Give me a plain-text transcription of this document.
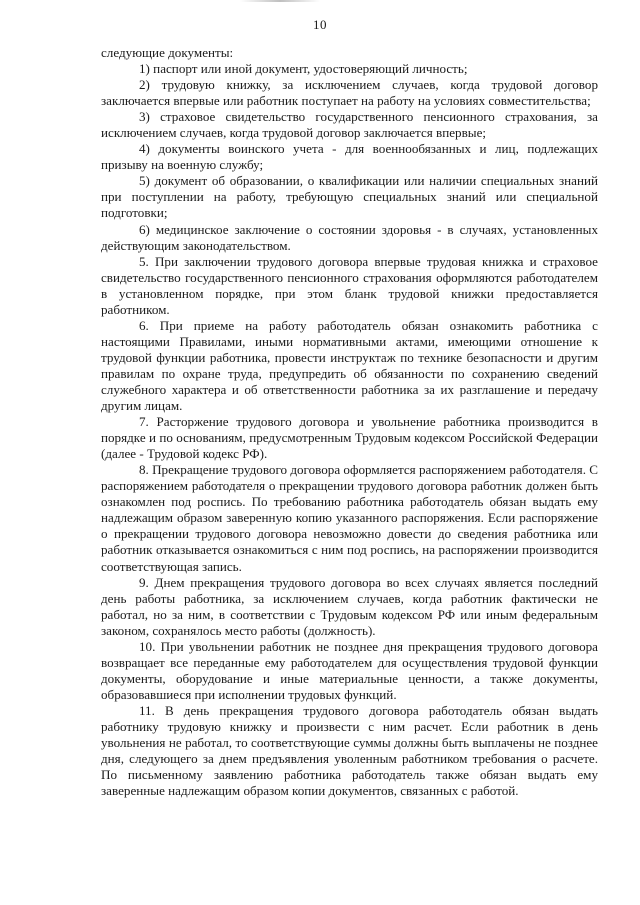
10

следующие документы:

1) паспорт или иной документ, удостоверяющий личность;

2) трудовую книжку, за исключением случаев, когда трудовой договор заключается впервые или работник поступает на работу на условиях совместительства;

3) страховое свидетельство государственного пенсионного страхования, за исключением случаев, когда трудовой договор заключается впервые;

4) документы воинского учета - для военнообязанных и лиц, подлежащих призыву на военную службу;

5) документ об образовании, о квалификации или наличии специальных знаний при поступлении на работу, требующую специальных знаний или специальной подготовки;

6) медицинское заключение о состоянии здоровья - в случаях, установленных действующим законодательством.

5. При заключении трудового договора впервые трудовая книжка и страховое свидетельство государственного пенсионного страхования оформляются работодателем в установленном порядке, при этом бланк трудовой книжки предоставляется работником.

6. При приеме на работу работодатель обязан ознакомить работника с настоящими Правилами, иными нормативными актами, имеющими отношение к трудовой функции работника, провести инструктаж по технике безопасности и другим правилам по охране труда, предупредить об обязанности по сохранению сведений служебного характера и об ответственности работника за их разглашение и передачу другим лицам.

7. Расторжение трудового договора и увольнение работника производится в порядке и по основаниям, предусмотренным Трудовым кодексом Российской Федерации (далее - Трудовой кодекс РФ).

8. Прекращение трудового договора оформляется распоряжением работодателя. С распоряжением работодателя о прекращении трудового договора работник должен быть ознакомлен под роспись. По требованию работника работодатель обязан выдать ему надлежащим образом заверенную копию указанного распоряжения. Если распоряжение о прекращении трудового договора невозможно довести до сведения работника или работник отказывается ознакомиться с ним под роспись, на распоряжении производится соответствующая запись.

9. Днем прекращения трудового договора во всех случаях является последний день работы работника, за исключением случаев, когда работник фактически не работал, но за ним, в соответствии с Трудовым кодексом РФ или иным федеральным законом, сохранялось место работы (должность).

10. При увольнении работник не позднее дня прекращения трудового договора возвращает все переданные ему работодателем для осуществления трудовой функции документы, оборудование и иные материальные ценности, а также документы, образовавшиеся при исполнении трудовых функций.

11. В день прекращения трудового договора работодатель обязан выдать работнику трудовую книжку и произвести с ним расчет. Если работник в день увольнения не работал, то соответствующие суммы должны быть выплачены не позднее дня, следующего за днем предъявления уволенным работником требования о расчете. По письменному заявлению работника работодатель также обязан выдать ему заверенные надлежащим образом копии документов, связанных с работой.
